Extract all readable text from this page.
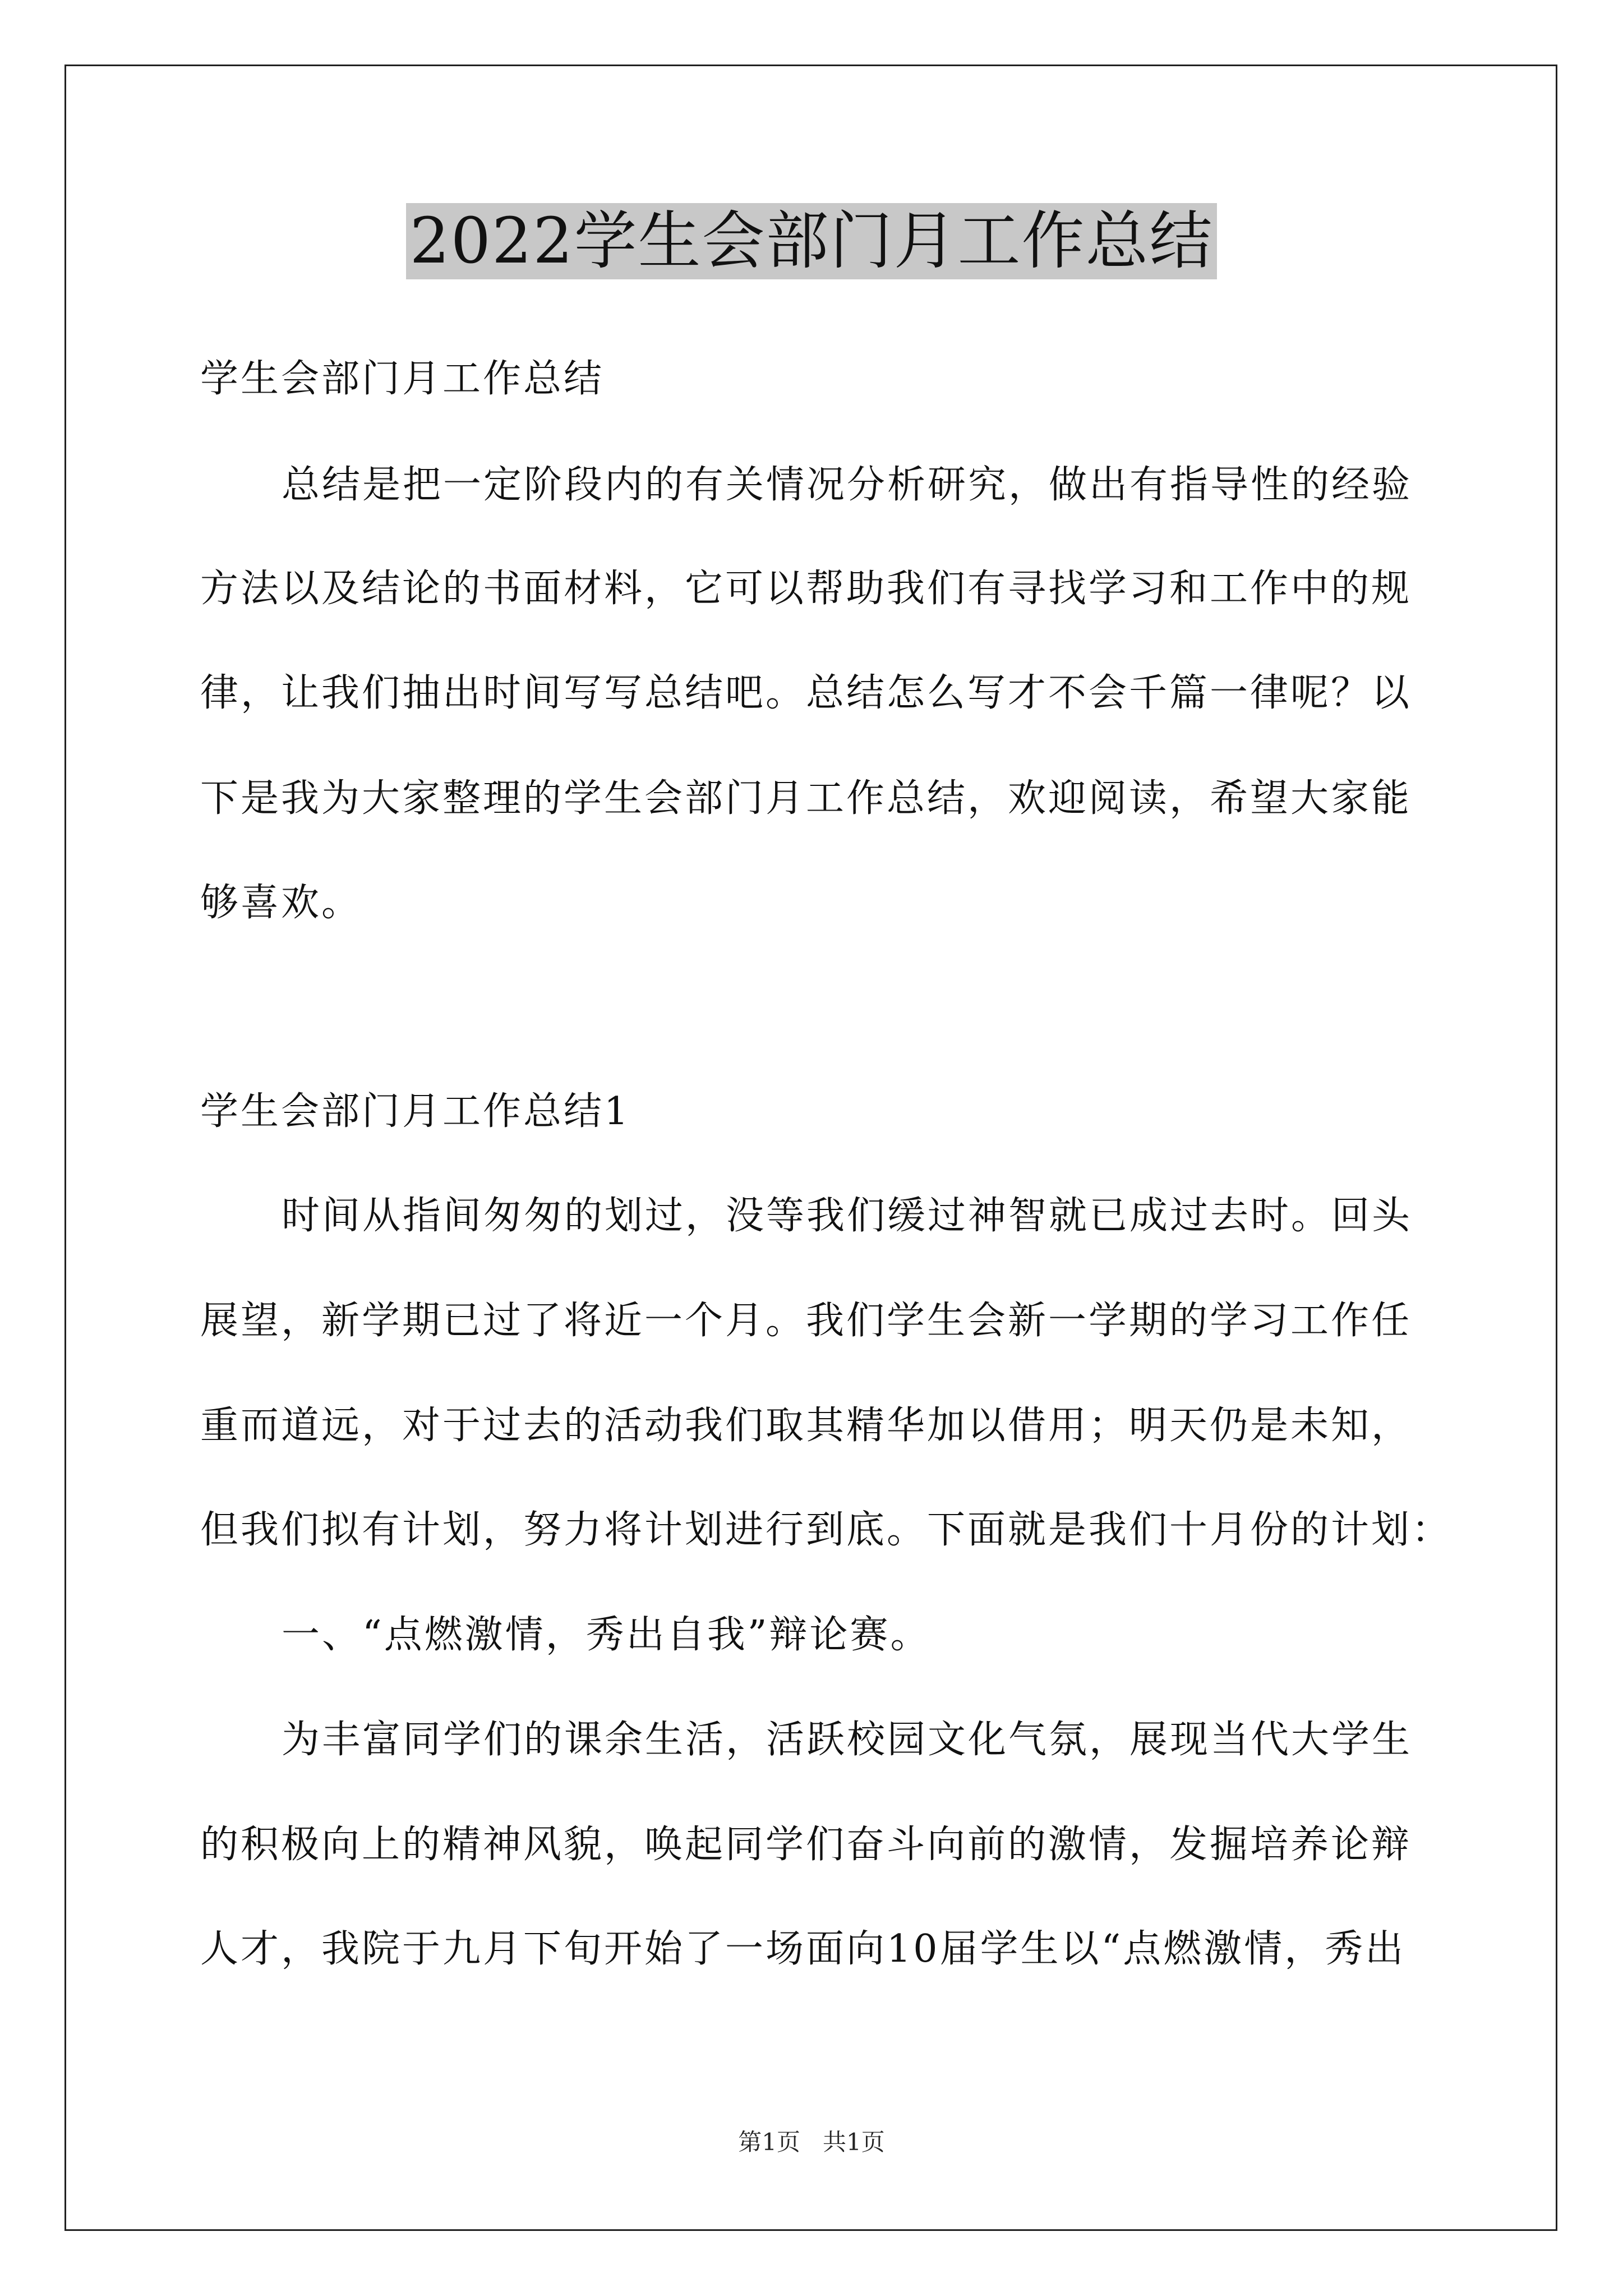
2022学生会部门月工作总结
学生会部门月工作总结
总结是把一定阶段内的有关情况分析研究，做出有指导性的经验
方法以及结论的书面材料，它可以帮助我们有寻找学习和工作中的规
律，让我们抽出时间写写总结吧。总结怎么写才不会千篇一律呢？以
下是我为大家整理的学生会部门月工作总结，欢迎阅读，希望大家能
够喜欢。
学生会部门月工作总结1
时间从指间匆匆的划过，没等我们缓过神智就已成过去时。回头
展望，新学期已过了将近一个月。我们学生会新一学期的学习工作任
重而道远，对于过去的活动我们取其精华加以借用；明天仍是未知，
但我们拟有计划，努力将计划进行到底。下面就是我们十月份的计划：
一、“点燃激情，秀出自我”辩论赛。
为丰富同学们的课余生活，活跃校园文化气氛，展现当代大学生
的积极向上的精神风貌，唤起同学们奋斗向前的激情，发掘培养论辩
人才，我院于九月下旬开始了一场面向10届学生以“点燃激情，秀出
第1页 共1页
